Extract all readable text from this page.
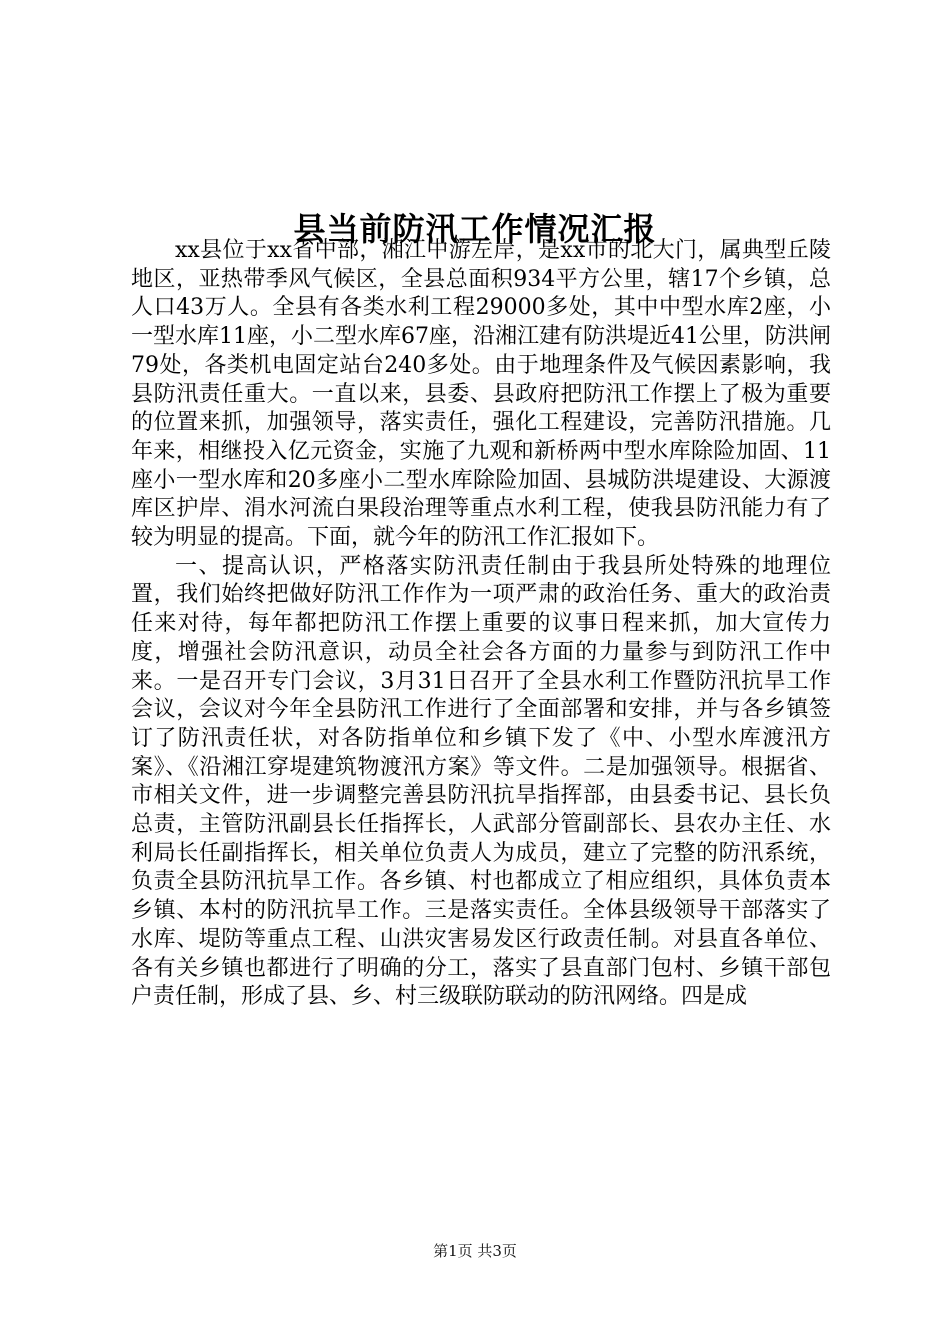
县当前防汛工作情况汇报

xx县位于xx省中部，湘江中游左岸，是xx市的北大门，属典型丘陵地区，亚热带季风气候区，全县总面积934平方公里，辖17个乡镇，总人口43万人。全县有各类水利工程29000多处，其中中型水库2座，小一型水库11座，小二型水库67座，沿湘江建有防洪堤近41公里，防洪闸79处，各类机电固定站台240多处。由于地理条件及气候因素影响，我县防汛责任重大。一直以来，县委、县政府把防汛工作摆上了极为重要的位置来抓，加强领导，落实责任，强化工程建设，完善防汛措施。几年来，相继投入亿元资金，实施了九观和新桥两中型水库除险加固、11座小一型水库和20多座小二型水库除险加固、县城防洪堤建设、大源渡库区护岸、涓水河流白果段治理等重点水利工程，使我县防汛能力有了较为明显的提高。下面，就今年的防汛工作汇报如下。

一、提高认识，严格落实防汛责任制由于我县所处特殊的地理位置，我们始终把做好防汛工作作为一项严肃的政治任务、重大的政治责任来对待，每年都把防汛工作摆上重要的议事日程来抓，加大宣传力度，增强社会防汛意识，动员全社会各方面的力量参与到防汛工作中来。一是召开专门会议，3月31日召开了全县水利工作暨防汛抗旱工作会议，会议对今年全县防汛工作进行了全面部署和安排，并与各乡镇签订了防汛责任状，对各防指单位和乡镇下发了《中、小型水库渡汛方案》、《沿湘江穿堤建筑物渡汛方案》等文件。二是加强领导。根据省、市相关文件，进一步调整完善县防汛抗旱指挥部，由县委书记、县长负总责，主管防汛副县长任指挥长，人武部分管副部长、县农办主任、水利局长任副指挥长，相关单位负责人为成员，建立了完整的防汛系统，负责全县防汛抗旱工作。各乡镇、村也都成立了相应组织，具体负责本乡镇、本村的防汛抗旱工作。三是落实责任。全体县级领导干部落实了水库、堤防等重点工程、山洪灾害易发区行政责任制。对县直各单位、各有关乡镇也都进行了明确的分工，落实了县直部门包村、乡镇干部包户责任制，形成了县、乡、村三级联防联动的防汛网络。四是成

第1页 共3页
